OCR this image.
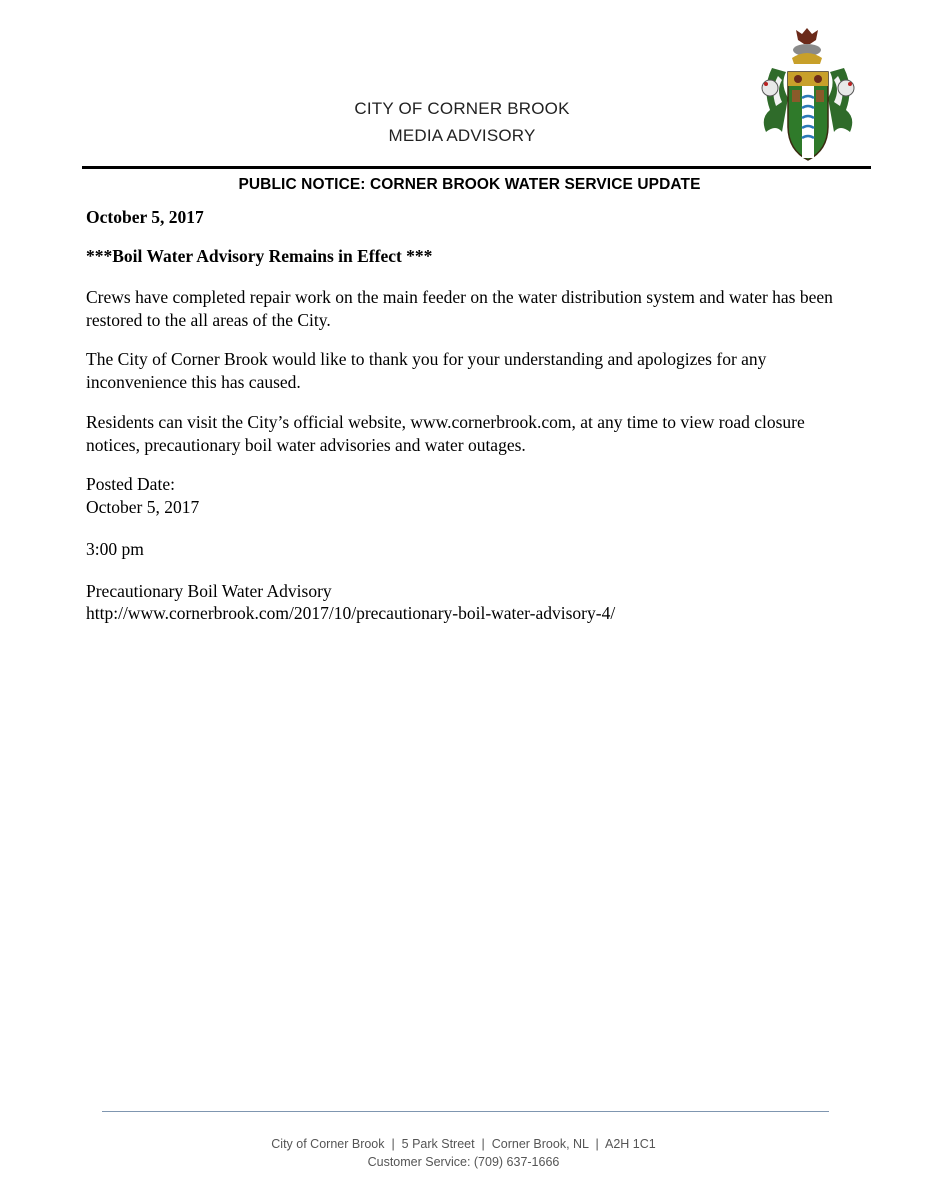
CITY OF CORNER BROOK
MEDIA ADVISORY
PUBLIC NOTICE: CORNER BROOK WATER SERVICE UPDATE

October 5, 2017

***Boil Water Advisory Remains in Effect ***

Crews have completed repair work on the main feeder on the water distribution system and water has been restored to the all areas of the City.

The City of Corner Brook would like to thank you for your understanding and apologizes for any inconvenience this has caused.

Residents can visit the City’s official website, www.cornerbrook.com, at any time to view road closure notices, precautionary boil water advisories and water outages.

Posted Date:

October 5, 2017

3:00 pm

Precautionary Boil Water Advisory

http://www.cornerbrook.com/2017/10/precautionary-boil-water-advisory-4/

City of Corner Brook  |  5 Park Street  |  Corner Brook, NL  |  A2H 1C1
Customer Service: (709) 637-1666
